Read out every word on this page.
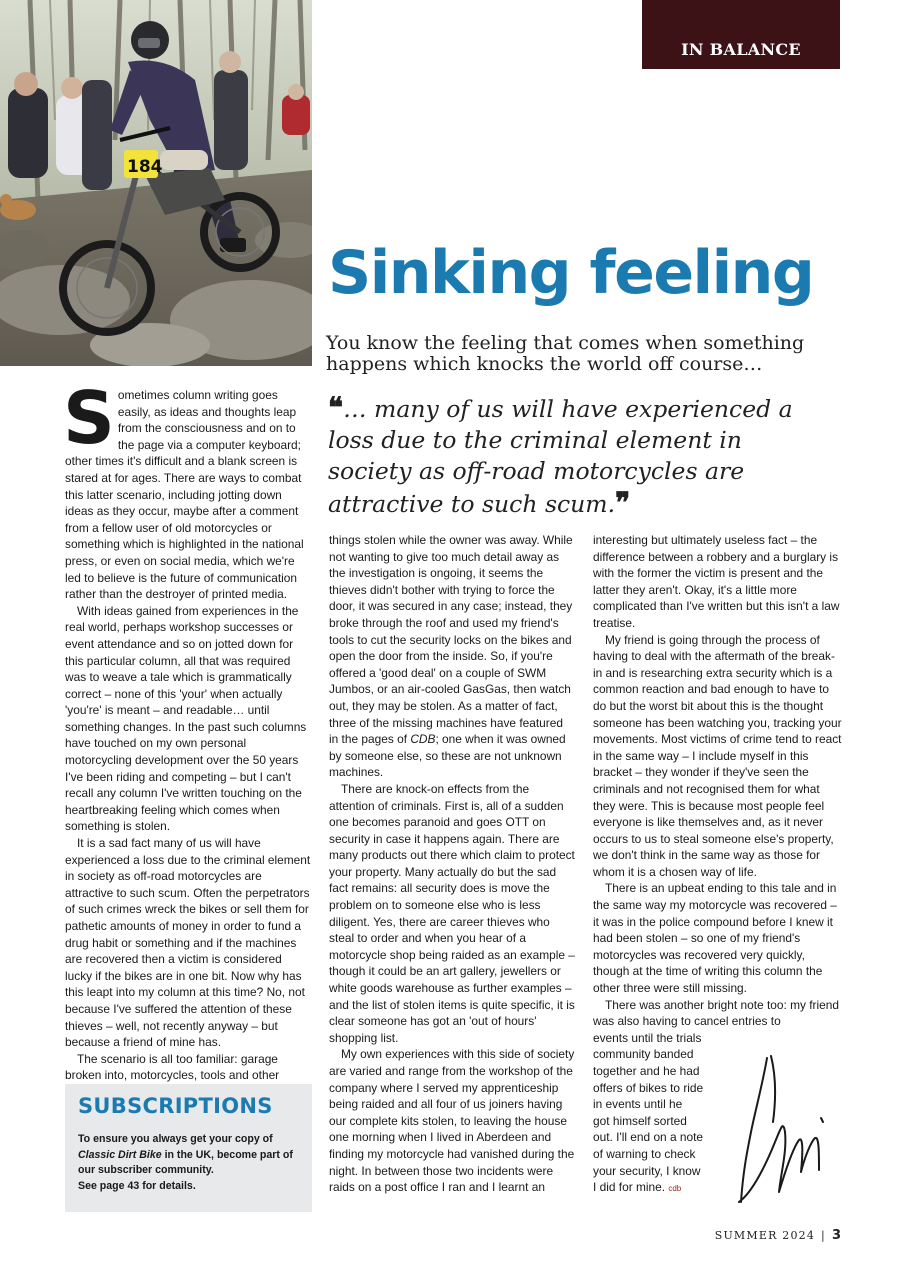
184
IN BALANCE
Sinking feeling

You know the feeling that comes when something happens which knocks the world off course…

❝… many of us will have experienced a loss due to the criminal element in society as off-road motorcycles are attractive to such scum.❞

Sometimes column writing goes easily, as ideas and thoughts leap from the consciousness and on to the page via a computer keyboard; other times it's difficult and a blank screen is stared at for ages. There are ways to combat this latter scenario, including jotting down ideas as they occur, maybe after a comment from a fellow user of old motorcycles or something which is highlighted in the national press, or even on social media, which we're led to believe is the future of communication rather than the destroyer of printed media.

With ideas gained from experiences in the real world, perhaps workshop successes or event attendance and so on jotted down for this particular column, all that was required was to weave a tale which is grammatically correct – none of this 'your' when actually 'you're' is meant – and readable… until something changes. In the past such columns have touched on my own personal motorcycling development over the 50 years I've been riding and competing – but I can't recall any column I've written touching on the heartbreaking feeling which comes when something is stolen.

It is a sad fact many of us will have experienced a loss due to the criminal element in society as off-road motorcycles are attractive to such scum. Often the perpetrators of such crimes wreck the bikes or sell them for pathetic amounts of money in order to fund a drug habit or something and if the machines are recovered then a victim is considered lucky if the bikes are in one bit. Now why has this leapt into my column at this time? No, not because I've suffered the attention of these thieves – well, not recently anyway – but because a friend of mine has.

The scenario is all too familiar: garage broken into, motorcycles, tools and other

SUBSCRIPTIONS

To ensure you always get your copy of
Classic Dirt Bike in the UK, become part of our subscriber community.
See page 43 for details.

things stolen while the owner was away. While not wanting to give too much detail away as the investigation is ongoing, it seems the thieves didn't bother with trying to force the door, it was secured in any case; instead, they broke through the roof and used my friend's tools to cut the security locks on the bikes and open the door from the inside. So, if you're offered a 'good deal' on a couple of SWM Jumbos, or an air-cooled GasGas, then watch out, they may be stolen. As a matter of fact, three of the missing machines have featured in the pages of CDB; one when it was owned by someone else, so these are not unknown machines.

There are knock-on effects from the attention of criminals. First is, all of a sudden one becomes paranoid and goes OTT on security in case it happens again. There are many products out there which claim to protect your property. Many actually do but the sad fact remains: all security does is move the problem on to someone else who is less diligent. Yes, there are career thieves who steal to order and when you hear of a motorcycle shop being raided as an example – though it could be an art gallery, jewellers or white goods warehouse as further examples – and the list of stolen items is quite specific, it is clear someone has got an 'out of hours' shopping list.

My own experiences with this side of society are varied and range from the workshop of the company where I served my apprenticeship being raided and all four of us joiners having our complete kits stolen, to leaving the house one morning when I lived in Aberdeen and finding my motorcycle had vanished during the night. In between those two incidents were raids on a post office I ran and I learnt an

interesting but ultimately useless fact – the difference between a robbery and a burglary is with the former the victim is present and the latter they aren't. Okay, it's a little more complicated than I've written but this isn't a law treatise.

My friend is going through the process of having to deal with the aftermath of the break-in and is researching extra security which is a common reaction and bad enough to have to do but the worst bit about this is the thought someone has been watching you, tracking your movements. Most victims of crime tend to react in the same way – I include myself in this bracket – they wonder if they've seen the criminals and not recognised them for what they were. This is because most people feel everyone is like themselves and, as it never occurs to us to steal someone else's property, we don't think in the same way as those for whom it is a chosen way of life.

There is an upbeat ending to this tale and in the same way my motorcycle was recovered – it was in the police compound before I knew it had been stolen – so one of my friend's motorcycles was recovered very quickly, though at the time of writing this column the other three were still missing.

There was another bright note too: my friend was also having to cancel entries to

events until the trials
community banded
together and he had
offers of bikes to ride
in events until he
got himself sorted
out. I'll end on a note
of warning to check
your security, I know
I did for mine. cdb
SUMMER 2024 | 3
